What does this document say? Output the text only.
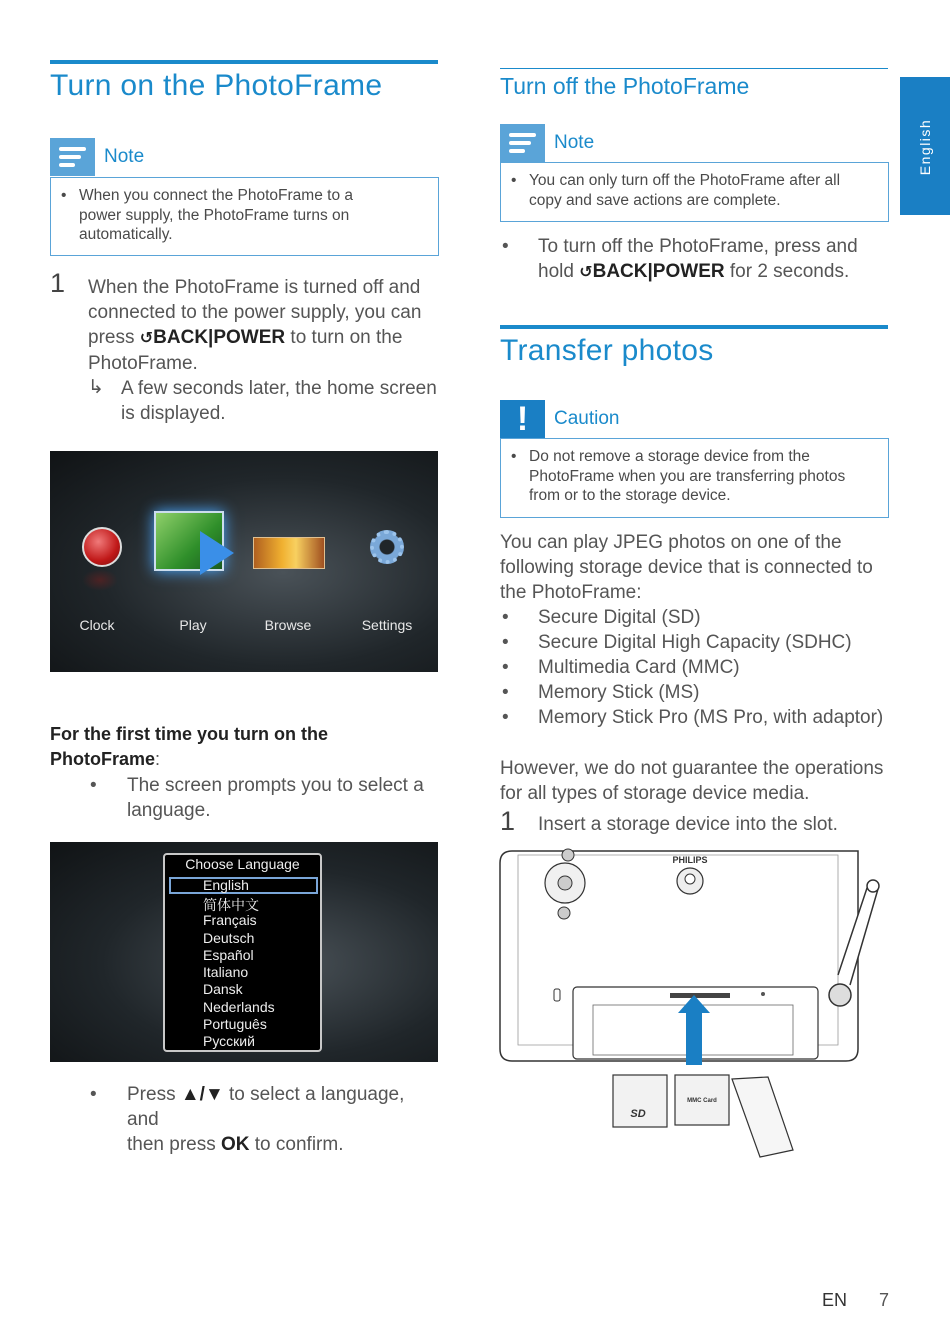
English
Turn on the PhotoFrame
Note
• When you connect the PhotoFrame to a
power supply, the PhotoFrame turns on
automatically.
1 When the PhotoFrame is turned off and
connected to the power supply, you can
press ↺BACK|POWER to turn on the
PhotoFrame.
↳ A few seconds later, the home screen
is displayed.
Clock	Play	Browse	Settings
For the first time you turn on the
PhotoFrame:
• The screen prompts you to select a
language.
Choose Language
English
简体中文
Français
Deutsch
Español
Italiano
Dansk
Nederlands
Português
Русский
• Press ▲/▼ to select a language, and
then press OK to confirm.
Turn off the PhotoFrame
Note
• You can only turn off the PhotoFrame after all
copy and save actions are complete.
• To turn off the PhotoFrame, press and
hold ↺BACK|POWER for 2 seconds.
Transfer photos
!	Caution
• Do not remove a storage device from the
PhotoFrame when you are transferring photos
from or to the storage device.
You can play JPEG photos on one of the
following storage device that is connected to
the PhotoFrame:
•
•
•
•
•
Secure Digital (SD)
Secure Digital High Capacity (SDHC)
Multimedia Card (MMC)
Memory Stick (MS)
Memory Stick Pro (MS Pro, with adaptor)
However, we do not guarantee the operations
for all types of storage device media.
1 Insert a storage device into the slot.
PHILIPS
SD
MMC Card
EN 7
